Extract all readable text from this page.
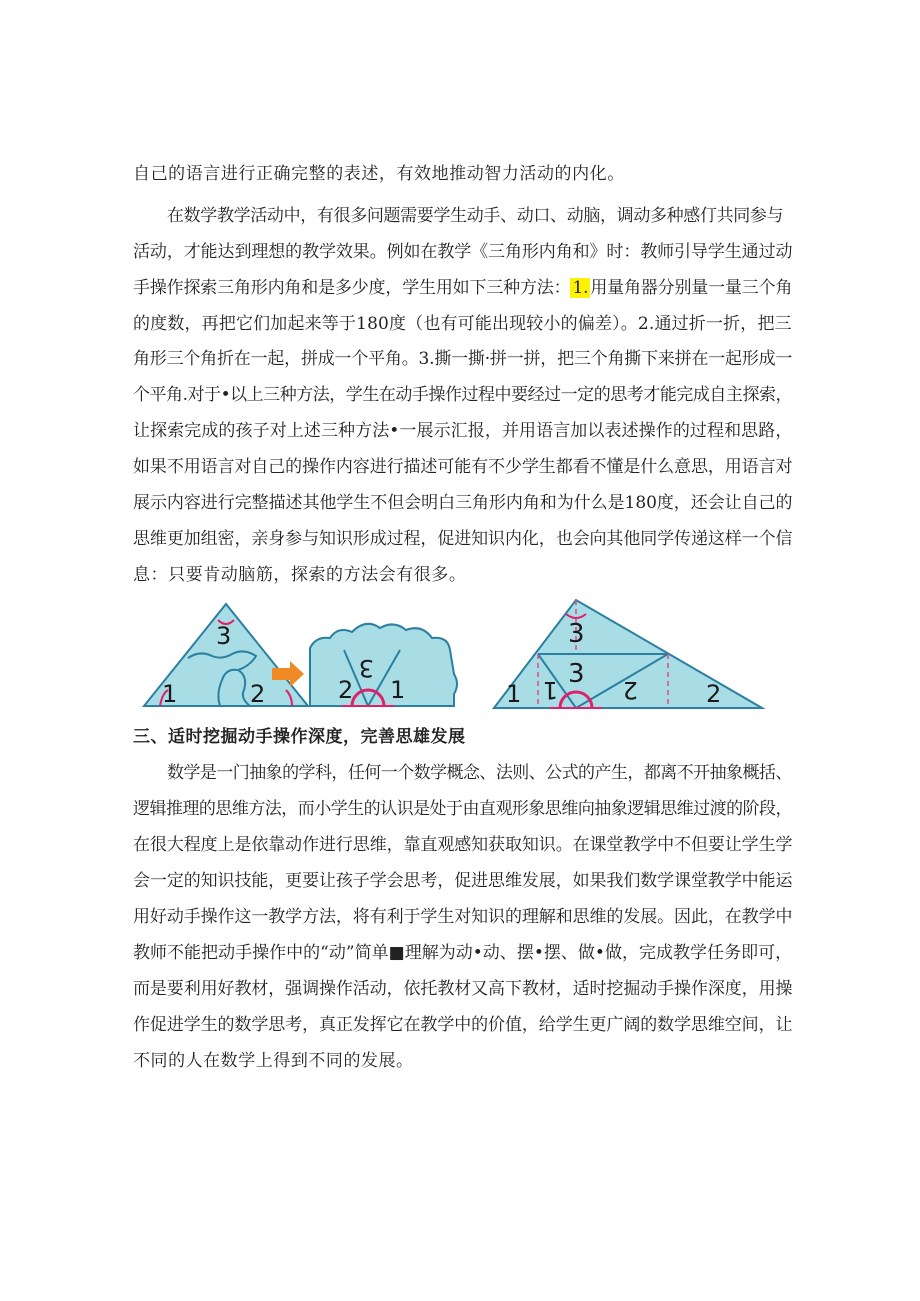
自己的语言进行正确完整的表述，有效地推动智力活动的内化。
在数学教学活动中，有很多问题需要学生动手、动口、动脑，调动多种感仃共同参与
活动，才能达到理想的教学效果。例如在教学《三角形内角和》时：教师引导学生通过动
手操作探索三角形内角和是多少度，学生用如下三种方法： 1. 用量角器分别量一量三个角
的度数，再把它们加起来等于180度（也有可能出现较小的偏差）。2.通过折一折，把三
角形三个角折在一起，拼成一个平角。3.撕一撕·拼一拼，把三个角撕下来拼在一起形成一
个平角.对于•以上三种方法，学生在动手操作过程中要经过一定的思考才能完成自主探索，
让探索完成的孩子对上述三种方法•一展示汇报，并用语言加以表述操作的过程和思路，
如果不用语言对自己的操作内容进行描述可能有不少学生都看不懂是什么意思，用语言对
展示内容进行完整描述其他学生不但会明白三角形内角和为什么是180度，还会让自己的
思维更加组密，亲身参与知识形成过程，促进知识内化，也会向其他同学传递这样一个信
息：只要肯动脑筋，探索的方法会有很多。
3
1	2
3
2 1
3
3
1 1	2	2
三、适时挖掘动手操作深度，完善思雄发展
数学是一门抽象的学科，任何一个数学概念、法则、公式的产生，都离不开抽象概括、
逻辑推理的思维方法，而小学生的认识是处于由直观形象思维向抽象逻辑思维过渡的阶段，
在很大程度上是依靠动作进行思维，靠直观感知获取知识。在课堂教学中不但要让学生学
会一定的知识技能，更要让孩子学会思考，促进思维发展，如果我们数学课堂教学中能运
用好动手操作这一教学方法，将有利于学生对知识的理解和思维的发展。因此，在教学中
教师不能把动手操作中的“动”简单■理解为动•动、摆•摆、做•做，完成教学任务即可，
而是要利用好教材，强调操作活动，依托教材又高下教材，适时挖掘动手操作深度，用操
作促进学生的数学思考，真正发挥它在教学中的价值，给学生更广阔的数学思维空间，让
不同的人在数学上得到不同的发展。
